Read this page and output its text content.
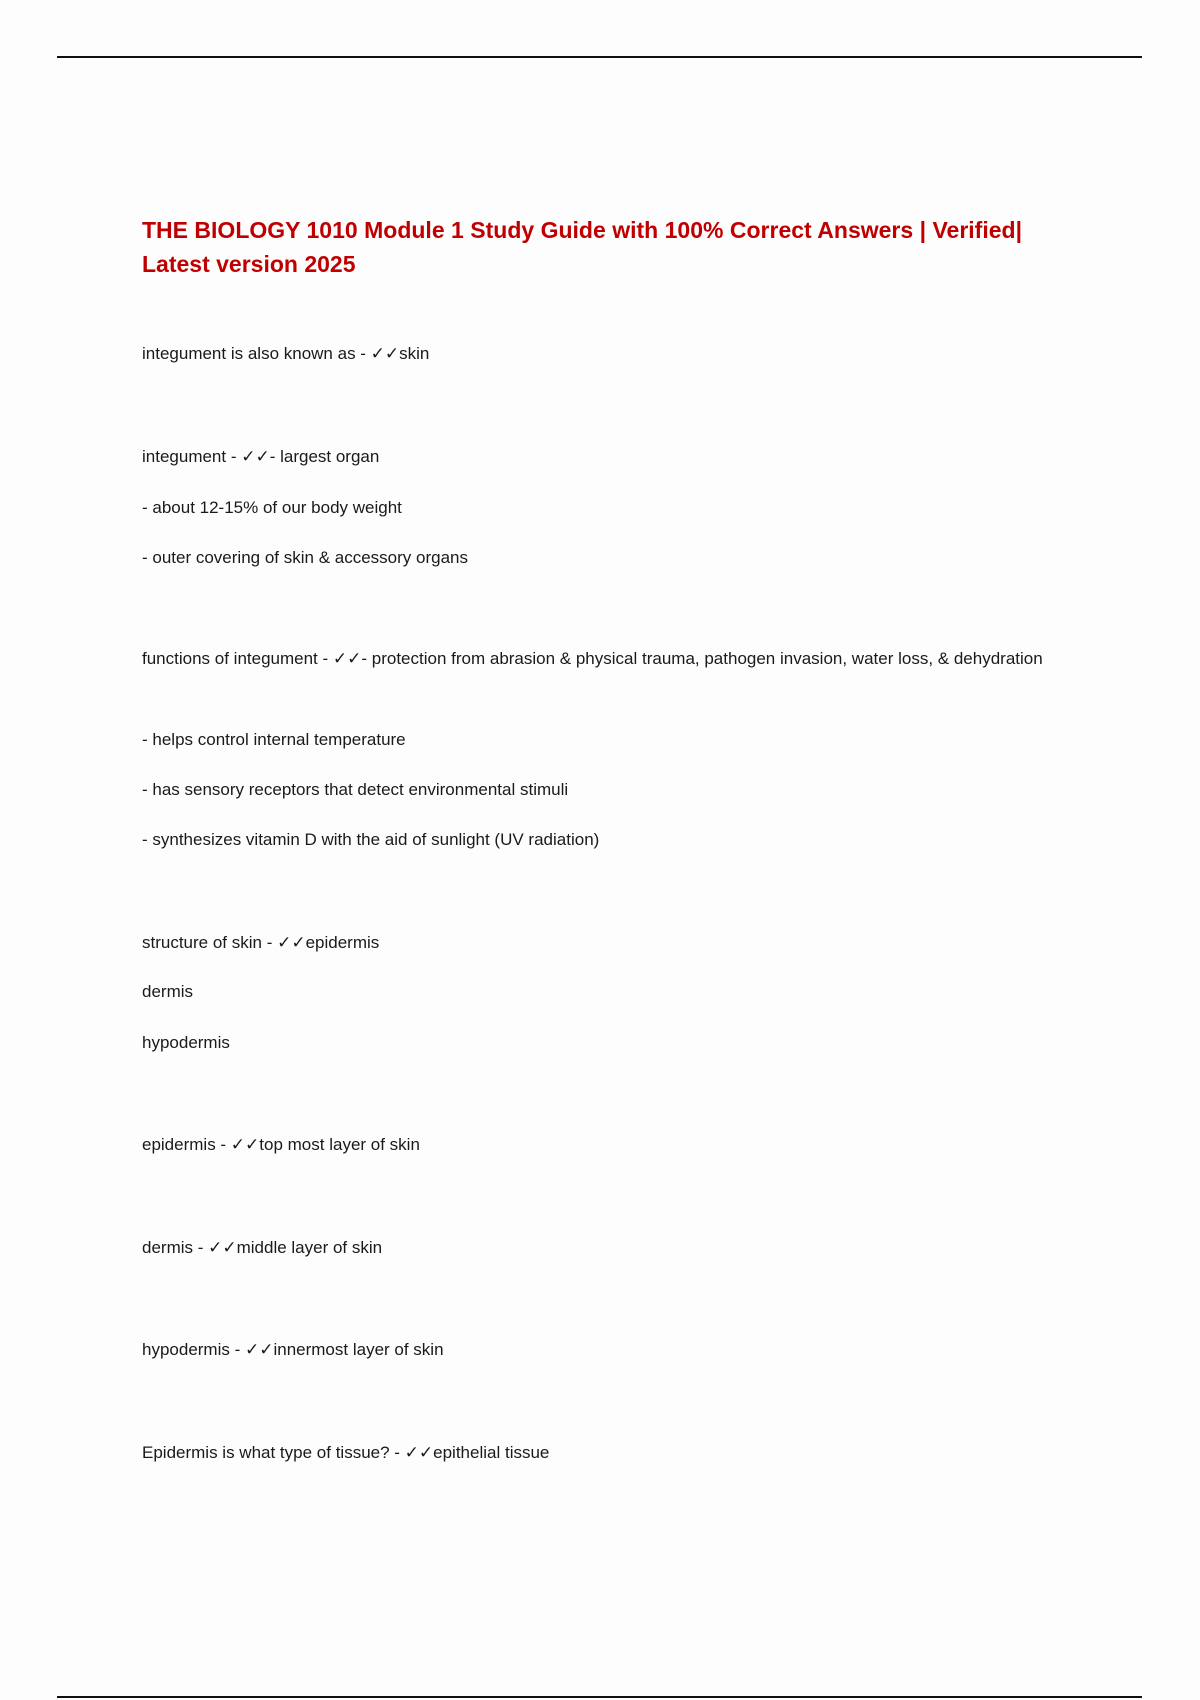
THE BIOLOGY 1010 Module 1 Study Guide with 100% Correct Answers | Verified| Latest version 2025

integument is also known as - ✓✓skin

integument - ✓✓- largest organ

- about 12-15% of our body weight

- outer covering of skin & accessory organs

functions of integument - ✓✓- protection from abrasion & physical trauma, pathogen invasion, water loss, & dehydration

- helps control internal temperature

- has sensory receptors that detect environmental stimuli

- synthesizes vitamin D with the aid of sunlight (UV radiation)

structure of skin - ✓✓epidermis

dermis

hypodermis

epidermis - ✓✓top most layer of skin

dermis - ✓✓middle layer of skin

hypodermis - ✓✓innermost layer of skin

Epidermis is what type of tissue? - ✓✓epithelial tissue
